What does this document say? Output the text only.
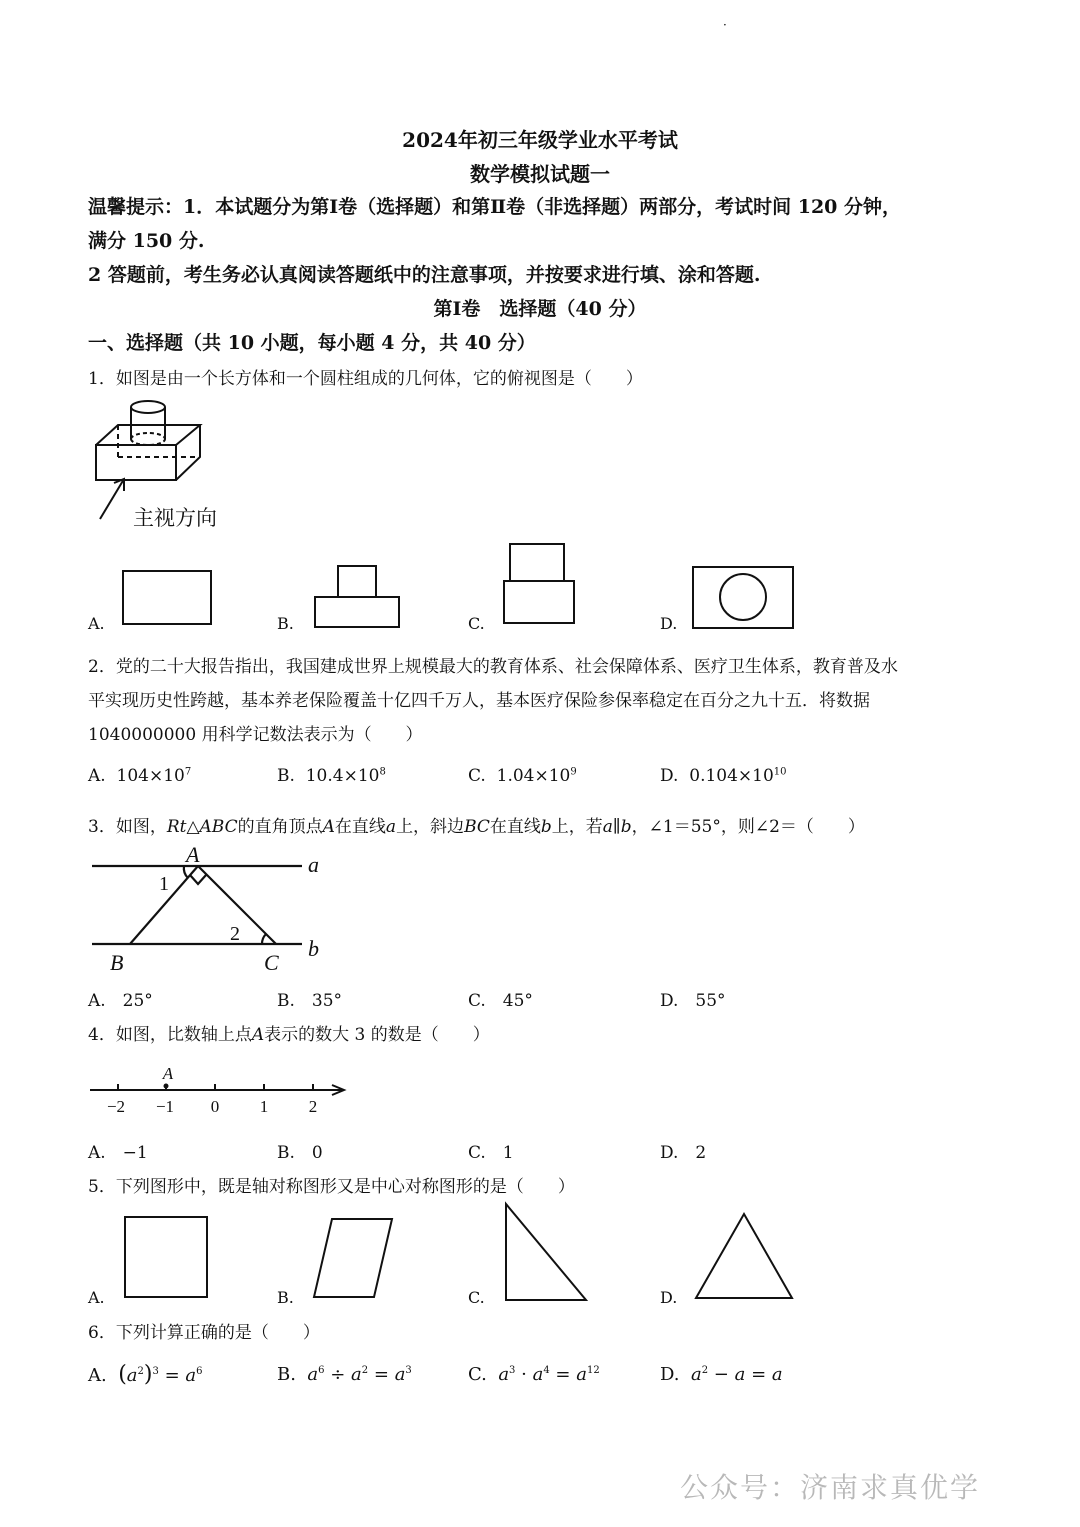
·
2024年初三年级学业水平考试
数学模拟试题一
温馨提示：1．本试题分为第Ⅰ卷（选择题）和第Ⅱ卷（非选择题）两部分，考试时间 120 分钟，
满分 150 分.
2 答题前，考生务必认真阅读答题纸中的注意事项，并按要求进行填、涂和答题.
第Ⅰ卷　选择题（40 分）
一、选择题（共 10 小题，每小题 4 分，共 40 分）
1．如图是由一个长方体和一个圆柱组成的几何体，它的俯视图是（　　）
主视方向
A.	B.	C.	D.
2．党的二十大报告指出，我国建成世界上规模最大的教育体系、社会保障体系、医疗卫生体系，教育普及水
平实现历史性跨越，基本养老保险覆盖十亿四千万人，基本医疗保险参保率稳定在百分之九十五．将数据
1040000000 用科学记数法表示为（　　）
A. $104\times 10^7$	B. $10.4\times 10^8$	C. $1.04\times 10^9$	D. $0.104\times 10^{10}$
3．如图，Rt△ABC的直角顶点A在直线a上，斜边BC在直线b上，若a∥b，∠1＝55°，则∠2＝（　　）
A
B	C
a
b
1
2
A.　25°	B.　35°	C.　45°	D.　55°
4．如图，比数轴上点A表示的数大 3 的数是（　　）
A
−2 −1 0 1 2
A.　−1	B.　0	C.　1	D.　2
5．下列图形中，既是轴对称图形又是中心对称图形的是（　　）
A.	B.	C.	D.
6．下列计算正确的是（　　）
A. $(a^2)^3 = a^6$	B. $a^6 \div a^2 = a^3$	C. $a^3 \cdot a^4 = a^{12}$	D. $a^2 - a = a$
公众号：济南求真优学
